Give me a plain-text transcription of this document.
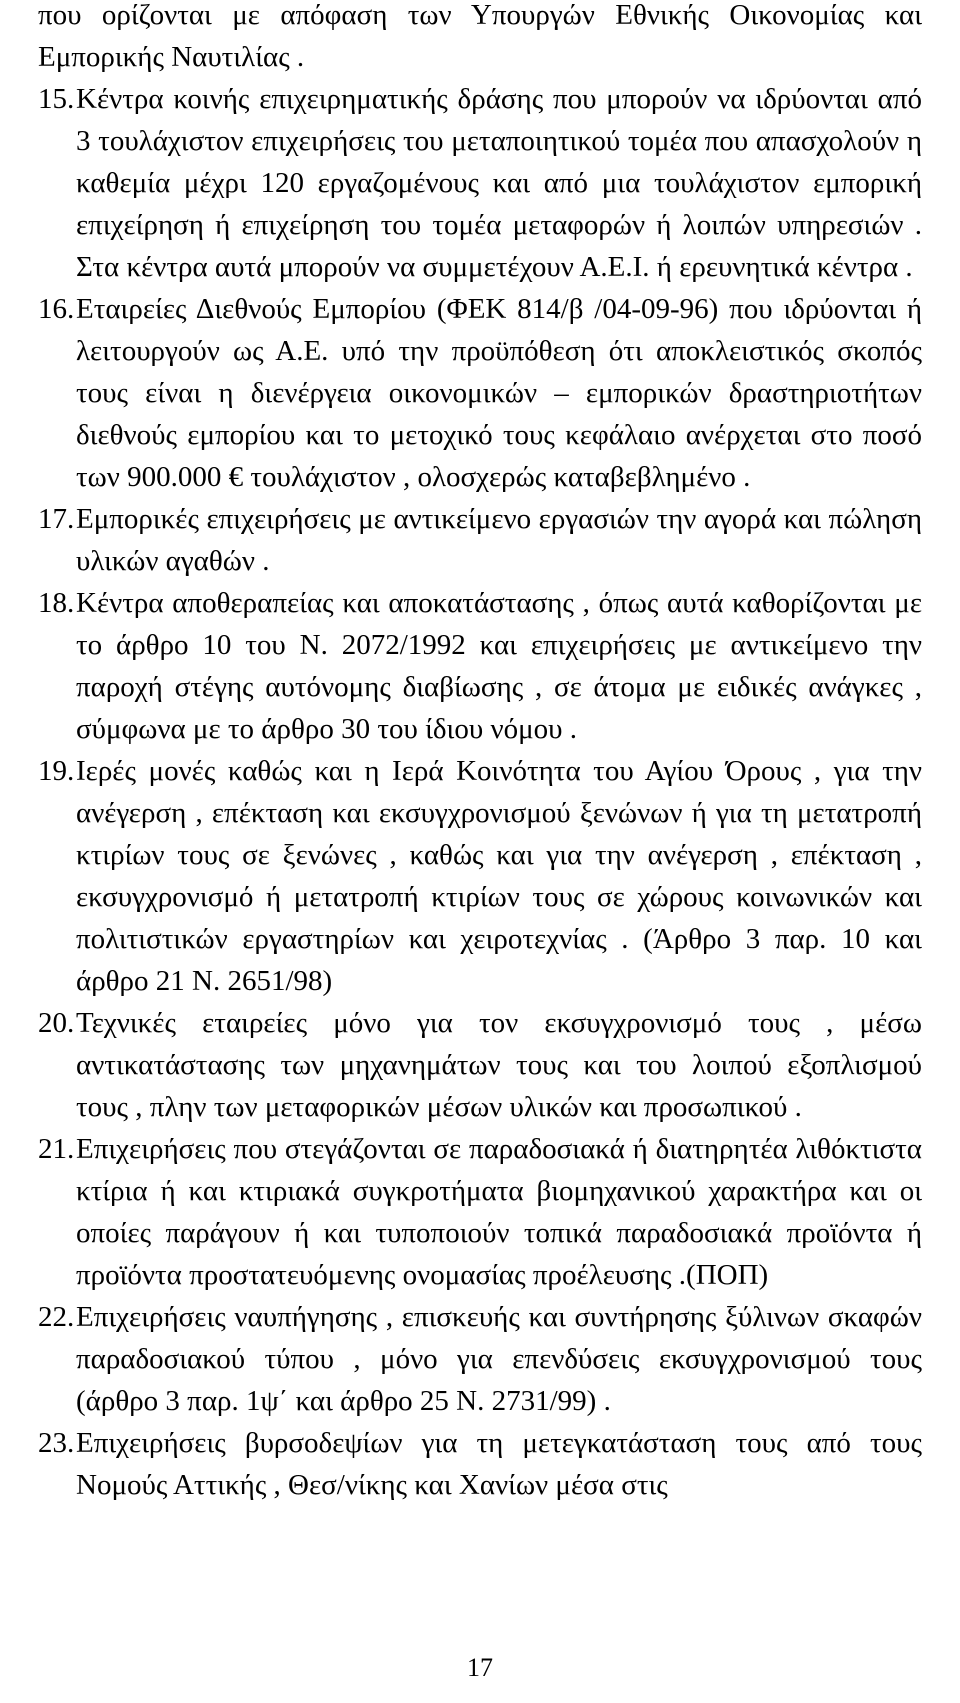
που ορίζονται με απόφαση των Υπουργών Εθνικής Οικονομίας και Εμπορικής Ναυτιλίας .
15. Κέντρα κοινής επιχειρηματικής δράσης που μπορούν να ιδρύονται από 3 τουλάχιστον επιχειρήσεις του μεταποιητικού τομέα που απασχολούν η καθεμία μέχρι 120 εργαζομένους και από μια τουλάχιστον εμπορική επιχείρηση ή επιχείρηση του τομέα μεταφορών ή λοιπών υπηρεσιών . Στα κέντρα αυτά μπορούν να συμμετέχουν Α.Ε.Ι. ή ερευνητικά κέντρα .
16. Εταιρείες Διεθνούς Εμπορίου (ΦΕΚ 814/β /04-09-96) που ιδρύονται ή λειτουργούν ως Α.Ε. υπό την προϋπόθεση ότι αποκλειστικός σκοπός τους είναι η διενέργεια οικονομικών – εμπορικών δραστηριοτήτων διεθνούς εμπορίου και το μετοχικό τους κεφάλαιο ανέρχεται στο ποσό των 900.000 € τουλάχιστον , ολοσχερώς καταβεβλημένο .
17. Εμπορικές επιχειρήσεις με αντικείμενο εργασιών την αγορά και πώληση υλικών αγαθών .
18. Κέντρα αποθεραπείας και αποκατάστασης , όπως αυτά καθορίζονται με το άρθρο 10 του Ν. 2072/1992 και επιχειρήσεις με αντικείμενο την παροχή στέγης αυτόνομης διαβίωσης , σε άτομα με ειδικές ανάγκες , σύμφωνα με το άρθρο 30 του ίδιου νόμου .
19. Ιερές μονές καθώς και η Ιερά Κοινότητα του Αγίου Όρους , για την ανέγερση , επέκταση και εκσυγχρονισμού ξενώνων ή για τη μετατροπή κτιρίων τους σε ξενώνες , καθώς και για την ανέγερση , επέκταση , εκσυγχρονισμό ή μετατροπή κτιρίων τους σε χώρους κοινωνικών και πολιτιστικών εργαστηρίων και χειροτεχνίας . (Άρθρο 3 παρ. 10 και άρθρο 21 Ν. 2651/98)
20. Τεχνικές εταιρείες μόνο για τον εκσυγχρονισμό τους , μέσω αντικατάστασης των μηχανημάτων τους και του λοιπού εξοπλισμού τους , πλην των μεταφορικών μέσων υλικών και προσωπικού .
21. Επιχειρήσεις που στεγάζονται σε παραδοσιακά ή διατηρητέα λιθόκτιστα κτίρια ή και κτιριακά συγκροτήματα βιομηχανικού χαρακτήρα και οι οποίες παράγουν ή και τυποποιούν τοπικά παραδοσιακά προϊόντα ή προϊόντα προστατευόμενης ονομασίας προέλευσης .(ΠΟΠ)
22. Επιχειρήσεις ναυπήγησης , επισκευής και συντήρησης ξύλινων σκαφών παραδοσιακού τύπου , μόνο για επενδύσεις εκσυγχρονισμού τους (άρθρο 3 παρ. 1ψ΄ και άρθρο 25 Ν. 2731/99) .
23. Επιχειρήσεις βυρσοδεψίων για τη μετεγκατάσταση τους από τους Νομούς Αττικής , Θεσ/νίκης και Χανίων μέσα στις
17
